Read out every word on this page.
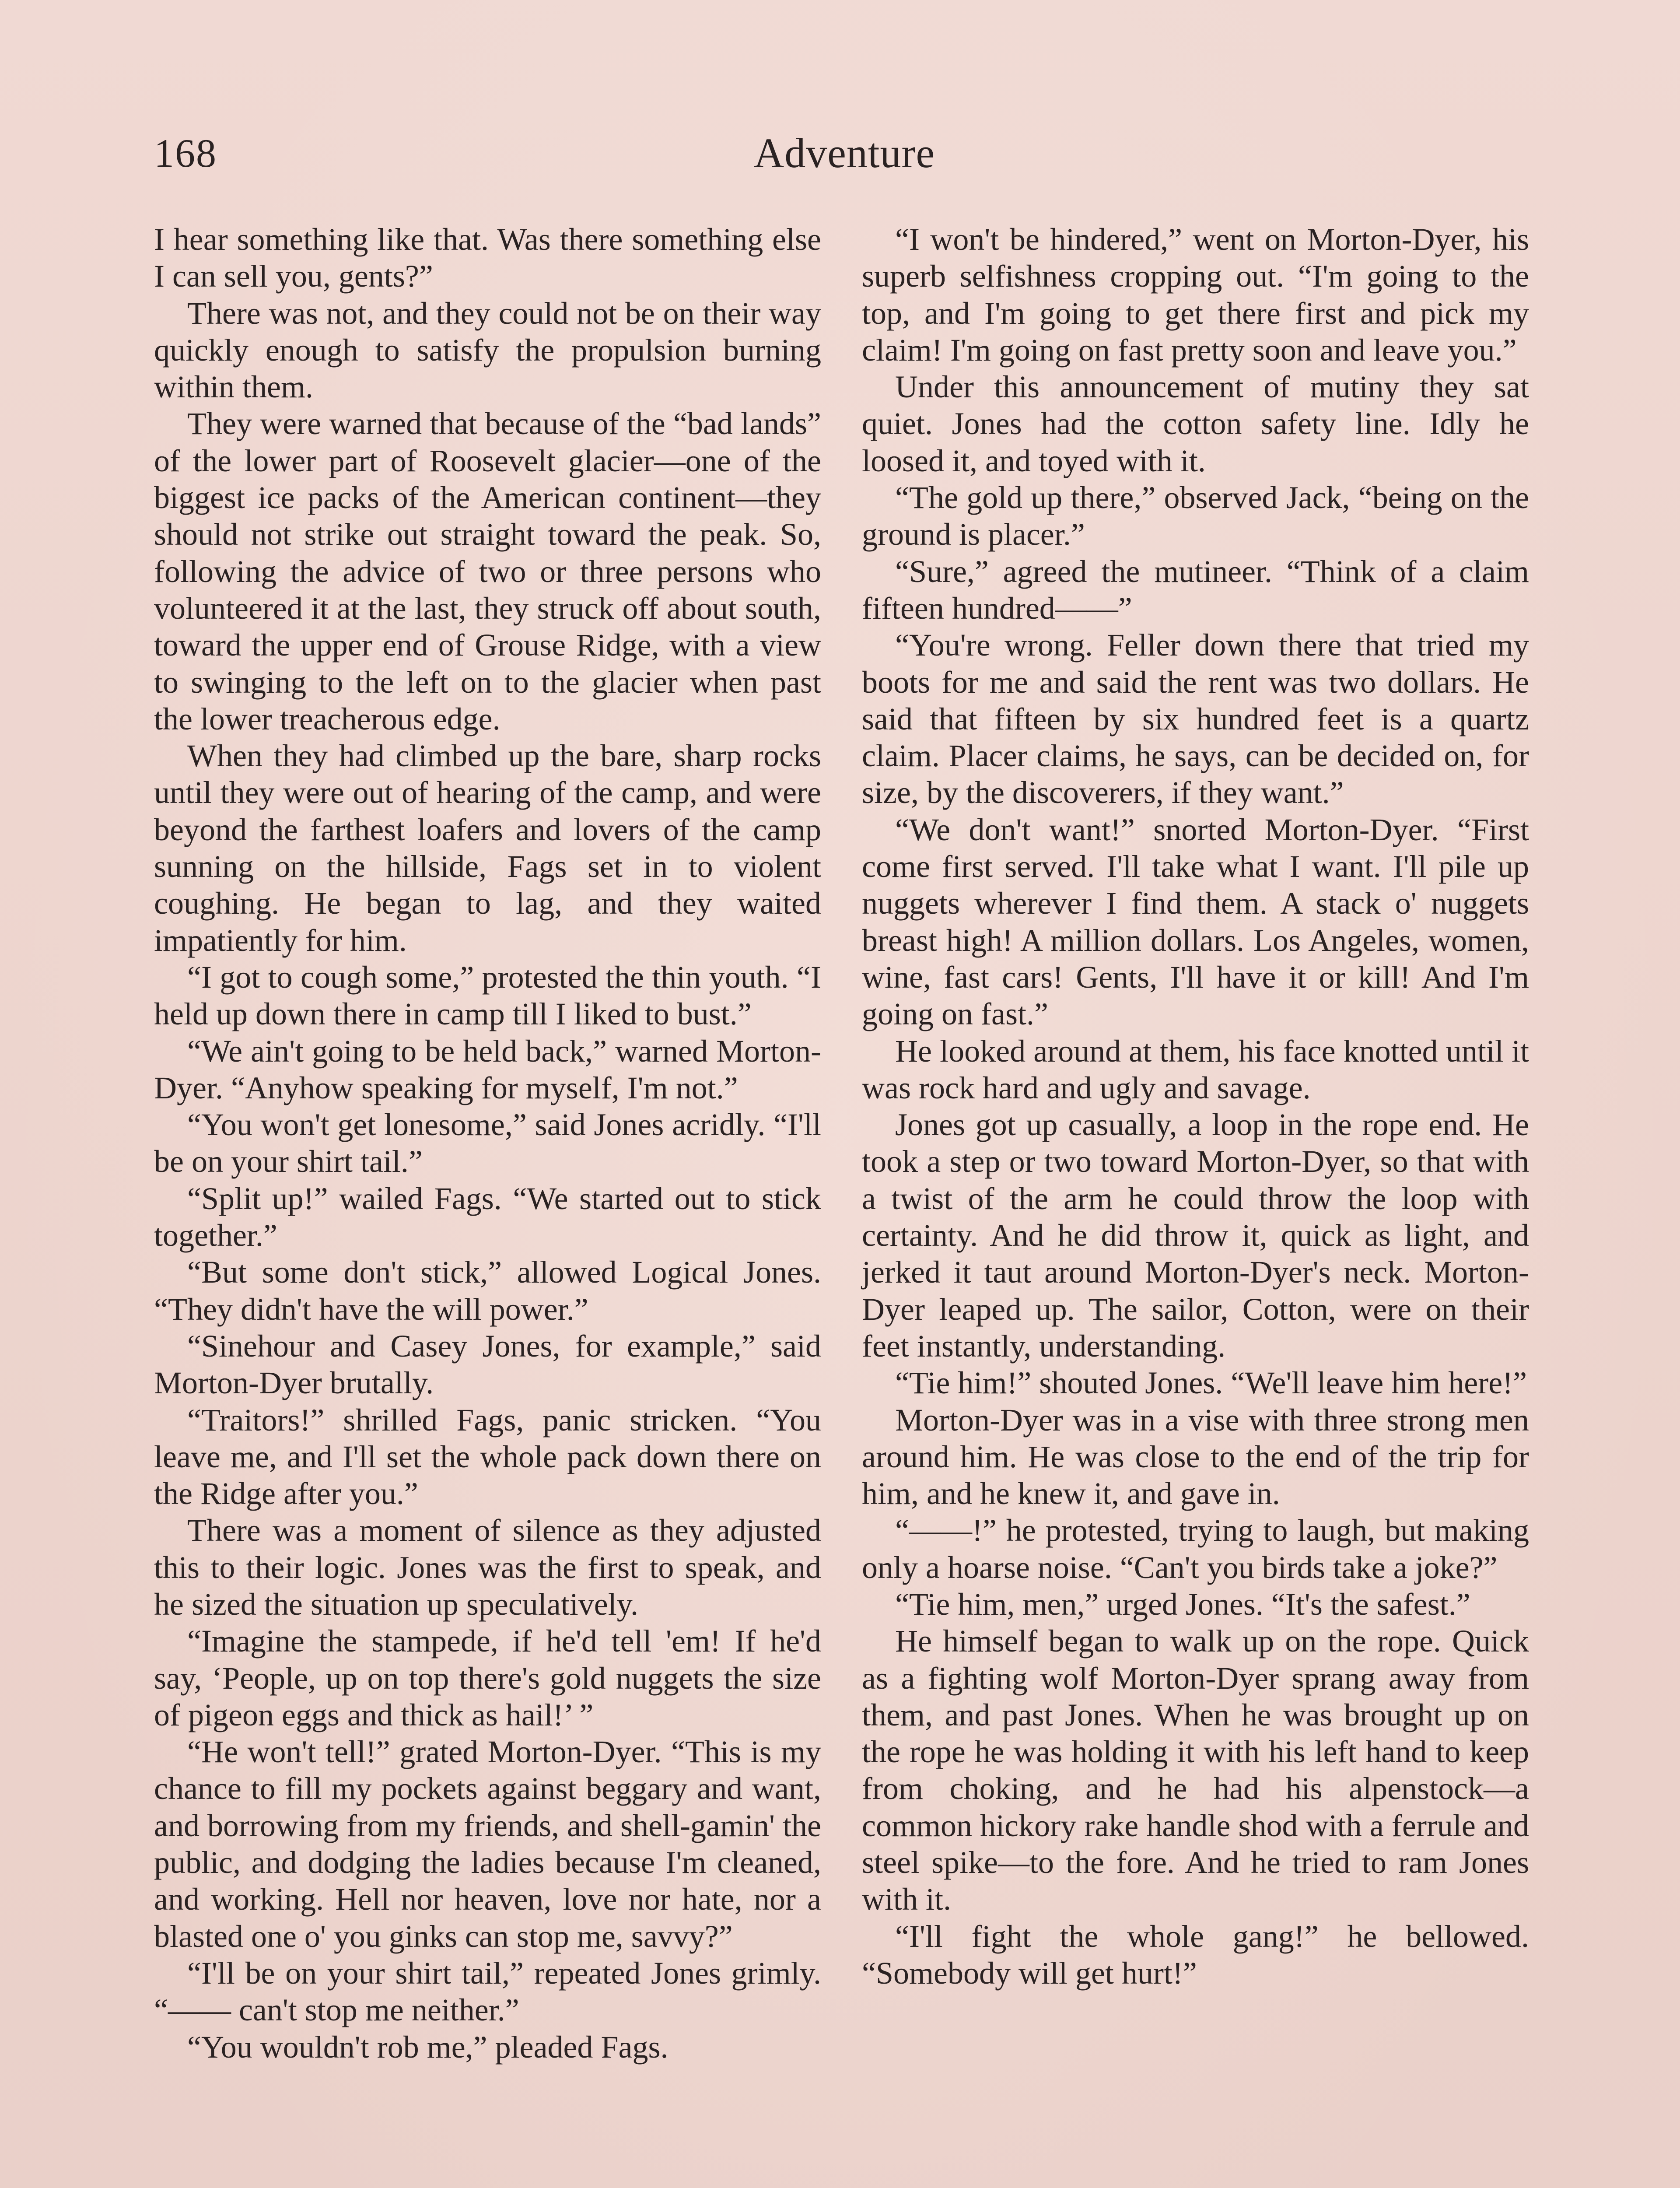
168	Adventure

I hear something like that. Was there something else I can sell you, gents?”

There was not, and they could not be on their way quickly enough to satisfy the propulsion burning within them.

They were warned that because of the “bad lands” of the lower part of Roosevelt glacier—one of the biggest ice packs of the American continent—they should not strike out straight toward the peak. So, following the advice of two or three persons who volunteered it at the last, they struck off about south, toward the upper end of Grouse Ridge, with a view to swinging to the left on to the glacier when past the lower treacherous edge.

When they had climbed up the bare, sharp rocks until they were out of hearing of the camp, and were beyond the farthest loafers and lovers of the camp sunning on the hillside, Fags set in to violent coughing. He began to lag, and they waited impatiently for him.

“I got to cough some,” protested the thin youth. “I held up down there in camp till I liked to bust.”

“We ain't going to be held back,” warned Morton-Dyer. “Anyhow speaking for myself, I'm not.”

“You won't get lonesome,” said Jones acridly. “I'll be on your shirt tail.”

“Split up!” wailed Fags. “We started out to stick together.”

“But some don't stick,” allowed Logical Jones. “They didn't have the will power.”

“Sinehour and Casey Jones, for example,” said Morton-Dyer brutally.

“Traitors!” shrilled Fags, panic stricken. “You leave me, and I'll set the whole pack down there on the Ridge after you.”

There was a moment of silence as they adjusted this to their logic. Jones was the first to speak, and he sized the situation up speculatively.

“Imagine the stampede, if he'd tell 'em! If he'd say, ‘People, up on top there's gold nuggets the size of pigeon eggs and thick as hail!’ ”

“He won't tell!” grated Morton-Dyer. “This is my chance to fill my pockets against beggary and want, and borrowing from my friends, and shell-gamin' the public, and dodging the ladies because I'm cleaned, and working. Hell nor heaven, love nor hate, nor a blasted one o' you ginks can stop me, savvy?”

“I'll be on your shirt tail,” repeated Jones grimly. “—— can't stop me neither.”

“You wouldn't rob me,” pleaded Fags.

“I won't be hindered,” went on Morton-Dyer, his superb selfishness cropping out. “I'm going to the top, and I'm going to get there first and pick my claim! I'm going on fast pretty soon and leave you.”

Under this announcement of mutiny they sat quiet. Jones had the cotton safety line. Idly he loosed it, and toyed with it.

“The gold up there,” observed Jack, “being on the ground is placer.”

“Sure,” agreed the mutineer. “Think of a claim fifteen hundred——”

“You're wrong. Feller down there that tried my boots for me and said the rent was two dollars. He said that fifteen by six hundred feet is a quartz claim. Placer claims, he says, can be decided on, for size, by the discoverers, if they want.”

“We don't want!” snorted Morton-Dyer. “First come first served. I'll take what I want. I'll pile up nuggets wherever I find them. A stack o' nuggets breast high! A million dollars. Los Angeles, women, wine, fast cars! Gents, I'll have it or kill! And I'm going on fast.”

He looked around at them, his face knotted until it was rock hard and ugly and savage.

Jones got up casually, a loop in the rope end. He took a step or two toward Morton-Dyer, so that with a twist of the arm he could throw the loop with certainty. And he did throw it, quick as light, and jerked it taut around Morton-Dyer's neck. Morton-Dyer leaped up. The sailor, Cotton, were on their feet instantly, understanding.

“Tie him!” shouted Jones. “We'll leave him here!”

Morton-Dyer was in a vise with three strong men around him. He was close to the end of the trip for him, and he knew it, and gave in.

“——!” he protested, trying to laugh, but making only a hoarse noise. “Can't you birds take a joke?”

“Tie him, men,” urged Jones. “It's the safest.”

He himself began to walk up on the rope. Quick as a fighting wolf Morton-Dyer sprang away from them, and past Jones. When he was brought up on the rope he was holding it with his left hand to keep from choking, and he had his alpenstock—a common hickory rake handle shod with a ferrule and steel spike—to the fore. And he tried to ram Jones with it.

“I'll fight the whole gang!” he bellowed. “Somebody will get hurt!”
